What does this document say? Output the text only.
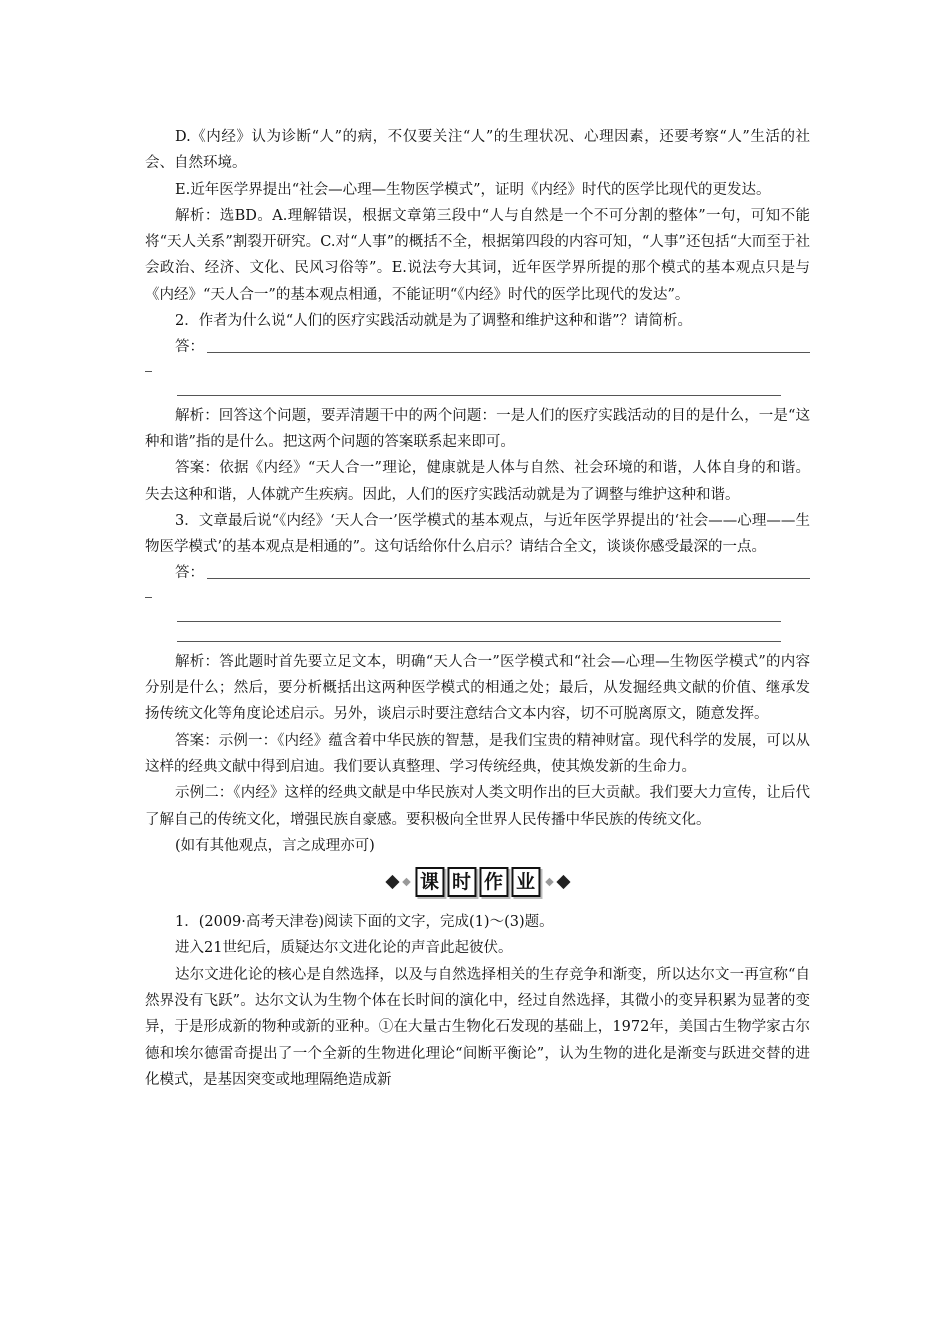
D.《内经》认为诊断“人”的病，不仅要关注“人”的生理状况、心理因素，还要考察“人”生活的社会、自然环境。

E.近年医学界提出“社会—心理—生物医学模式”，证明《内经》时代的医学比现代的更发达。

解析：选BD。A.理解错误，根据文章第三段中“人与自然是一个不可分割的整体”一句，可知不能将“天人关系”割裂开研究。C.对“人事”的概括不全，根据第四段的内容可知，“人事”还包括“大而至于社会政治、经济、文化、民风习俗等”。E.说法夸大其词，近年医学界所提的那个模式的基本观点只是与《内经》“天人合一”的基本观点相通，不能证明“《内经》时代的医学比现代的发达”。

2．作者为什么说“人们的医疗实践活动就是为了调整和维护这种和谐”？请简析。

答：

解析：回答这个问题，要弄清题干中的两个问题：一是人们的医疗实践活动的目的是什么，一是“这种和谐”指的是什么。把这两个问题的答案联系起来即可。

答案：依据《内经》“天人合一”理论，健康就是人体与自然、社会环境的和谐，人体自身的和谐。失去这种和谐，人体就产生疾病。因此，人们的医疗实践活动就是为了调整与维护这种和谐。

3．文章最后说“《内经》‘天人合一’医学模式的基本观点，与近年医学界提出的‘社会——心理——生物医学模式’的基本观点是相通的”。这句话给你什么启示？请结合全文，谈谈你感受最深的一点。

答：

解析：答此题时首先要立足文本，明确“天人合一”医学模式和“社会—心理—生物医学模式”的内容分别是什么；然后，要分析概括出这两种医学模式的相通之处；最后，从发掘经典文献的价值、继承发扬传统文化等角度论述启示。另外，谈启示时要注意结合文本内容，切不可脱离原文，随意发挥。

答案：示例一：《内经》蕴含着中华民族的智慧，是我们宝贵的精神财富。现代科学的发展，可以从这样的经典文献中得到启迪。我们要认真整理、学习传统经典，使其焕发新的生命力。

示例二：《内经》这样的经典文献是中华民族对人类文明作出的巨大贡献。我们要大力宣传，让后代了解自己的传统文化，增强民族自豪感。要积极向全世界人民传播中华民族的传统文化。

(如有其他观点，言之成理亦可)

课 时 作 业

1．(2009·高考天津卷)阅读下面的文字，完成(1)～(3)题。

进入21世纪后，质疑达尔文进化论的声音此起彼伏。

达尔文进化论的核心是自然选择，以及与自然选择相关的生存竞争和渐变，所以达尔文一再宣称“自然界没有飞跃”。达尔文认为生物个体在长时间的演化中，经过自然选择，其微小的变异积累为显著的变异，于是形成新的物种或新的亚种。①在大量古生物化石发现的基础上，1972年，美国古生物学家古尔德和埃尔德雷奇提出了一个全新的生物进化理论“间断平衡论”，认为生物的进化是渐变与跃进交替的进化模式，是基因突变或地理隔绝造成新
